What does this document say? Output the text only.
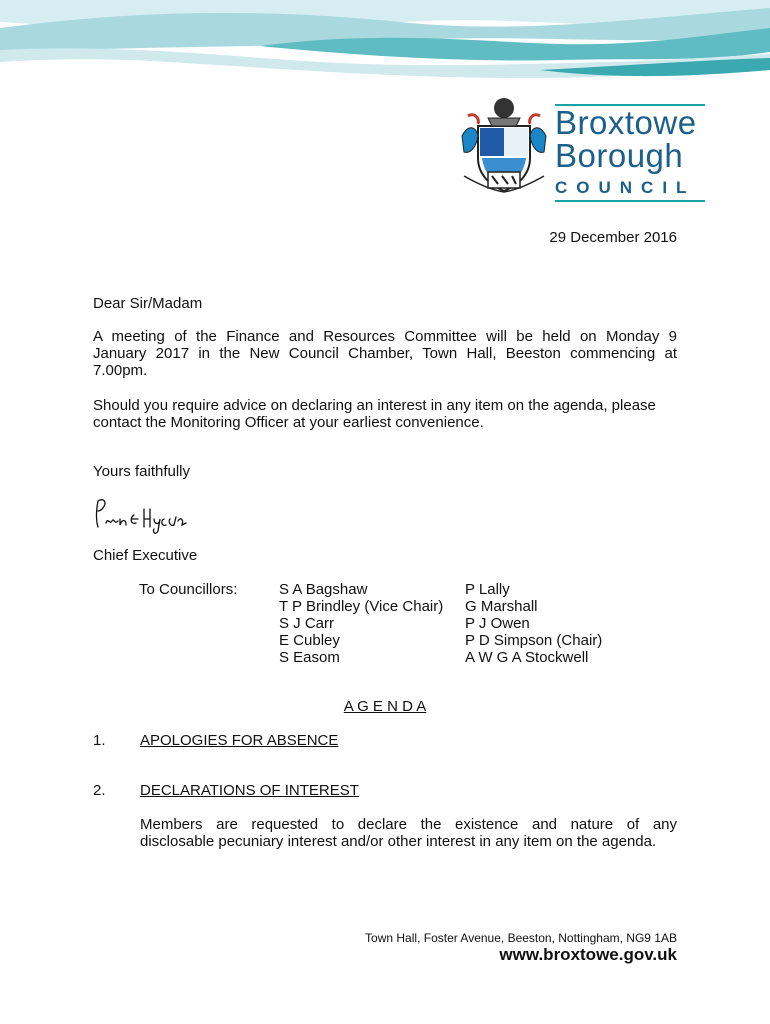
Broxtowe
Borough
COUNCIL

29 December 2016

Dear Sir/Madam

A meeting of the Finance and Resources Committee will be held on Monday 9

January 2017 in the New Council Chamber, Town Hall, Beeston commencing at

7.00pm.

Should you require advice on declaring an interest in any item on the agenda, please

contact the Monitoring Officer at your earliest convenience.

Yours faithfully

Chief Executive

To Councillors:	S A Bagshaw

T P Brindley (Vice Chair)

S J Carr

E Cubley

S Easom

P Lally

G Marshall

P J Owen

P D Simpson (Chair)

A W G A Stockwell

A G E N D A

1. APOLOGIES FOR ABSENCE

2. DECLARATIONS OF INTEREST

Members are requested to declare the existence and nature of any

disclosable pecuniary interest and/or other interest in any item on the agenda.

Town Hall, Foster Avenue, Beeston, Nottingham, NG9 1AB

www.broxtowe.gov.uk
